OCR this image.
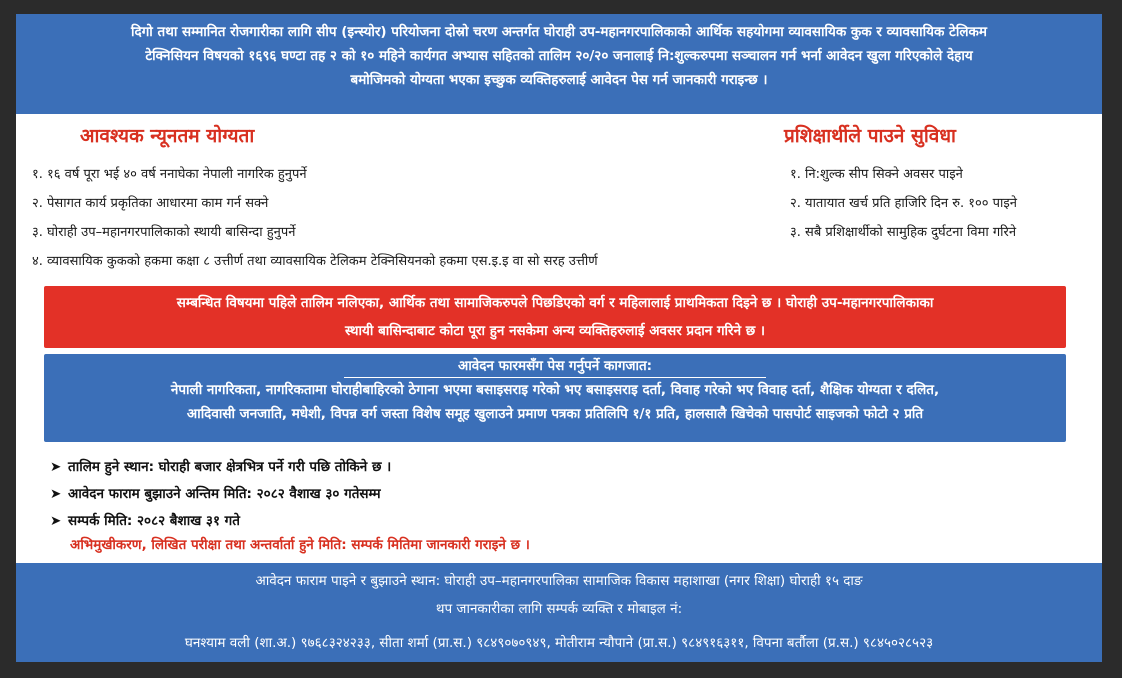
दिगो तथा सम्मानित रोजगारीका लागि सीप (इन्स्योर) परियोजना दोस्रो चरण अन्तर्गत घोराही उप-महानगरपालिकाको आर्थिक सहयोगमा व्यावसायिक कुक र व्यावसायिक टेलिकम
टेक्निसियन विषयको १६९६ घण्टा तह २ को १० महिने कार्यगत अभ्यास सहितको तालिम २०/२० जनालाई नि:शुल्करुपमा सञ्चालन गर्न भर्ना आवेदन खुला गरिएकोले देहाय
बमोजिमको योग्यता भएका इच्छुक व्यक्तिहरुलाई आवेदन पेस गर्न जानकारी गराइन्छ ।
आवश्यक न्यूनतम योग्यता
१. १६ वर्ष पूरा भई ४० वर्ष ननाघेका नेपाली नागरिक हुनुपर्ने
२. पेसागत कार्य प्रकृतिका आधारमा काम गर्न सक्ने
३. घोराही उप–महानगरपालिकाको स्थायी बासिन्दा हुनुपर्ने
४. व्यावसायिक कुकको हकमा कक्षा ८ उत्तीर्ण तथा व्यावसायिक टेलिकम टेक्निसियनको हकमा एस.इ.इ वा सो सरह उत्तीर्ण
प्रशिक्षार्थीले पाउने सुविधा
१. नि:शुल्क सीप सिक्ने अवसर पाइने
२. यातायात खर्च प्रति हाजिरि दिन रु. १०० पाइने
३. सबै प्रशिक्षार्थीको सामुहिक दुर्घटना विमा गरिने
सम्बन्धित विषयमा पहिले तालिम नलिएका, आर्थिक तथा सामाजिकरुपले पिछडिएको वर्ग र महिलालाई प्राथमिकता दिइने छ । घोराही उप-महानगरपालिकाका
स्थायी बासिन्दाबाट कोटा पूरा हुन नसकेमा अन्य व्यक्तिहरुलाई अवसर प्रदान गरिने छ ।
आवेदन फारमसँग पेस गर्नुपर्ने कागजात:
नेपाली नागरिकता, नागरिकतामा घोराहीबाहिरको ठेगाना भएमा बसाइसराइ गरेको भए बसाइसराइ दर्ता, विवाह गरेको भए विवाह दर्ता, शैक्षिक योग्यता र दलित,
आदिवासी जनजाति, मधेशी, विपन्न वर्ग जस्ता विशेष समूह खुलाउने प्रमाण पत्रका प्रतिलिपि १/१ प्रति, हालसालै खिचेको पासपोर्ट साइजको फोटो २ प्रति
➤ तालिम हुने स्थान: घोराही बजार क्षेत्रभित्र पर्ने गरी पछि तोकिने छ ।
➤ आवेदन फाराम बुझाउने अन्तिम मिति: २०८२ वैशाख ३० गतेसम्म
➤ सम्पर्क मिति: २०८२ बैशाख ३१ गते
अभिमुखीकरण, लिखित परीक्षा तथा अन्तर्वार्ता हुने मिति: सम्पर्क मितिमा जानकारी गराइने छ ।
आवेदन फाराम पाइने र बुझाउने स्थान: घोराही उप–महानगरपालिका सामाजिक विकास महाशाखा (नगर शिक्षा) घोराही १५ दाङ
थप जानकारीका लागि सम्पर्क व्यक्ति र मोबाइल नं:
घनश्याम वली (शा.अ.) ९७६८३२४२३३, सीता शर्मा (प्रा.स.) ९८४९०७०९४९, मोतीराम न्यौपाने (प्रा.स.) ९८४९१६३११, विपना बर्तौला (प्र.स.) ९८४५०२८५२३
